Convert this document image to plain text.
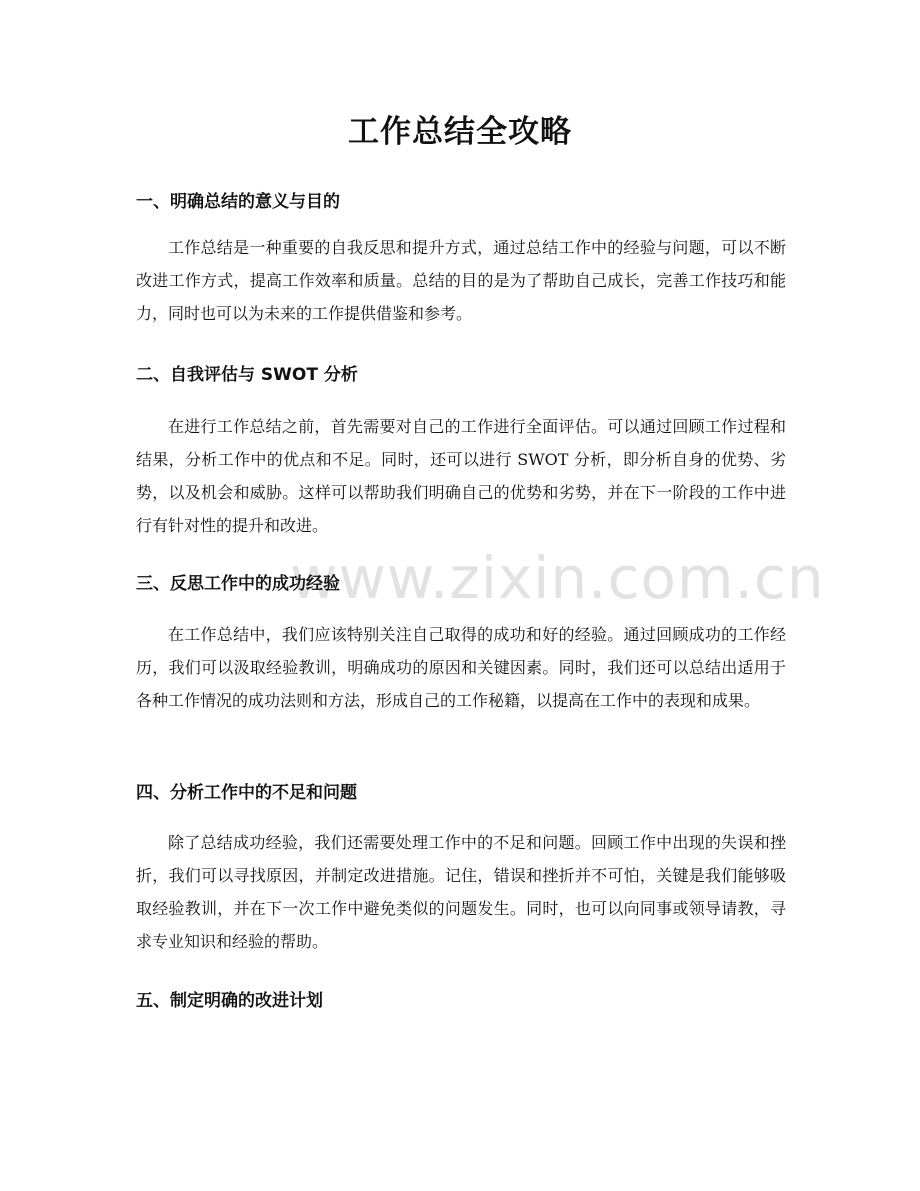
www.zixin.com.cn
工作总结全攻略
一、明确总结的意义与目的
工作总结是一种重要的自我反思和提升方式，通过总结工作中的经验与问题，可以不断改进工作方式，提高工作效率和质量。总结的目的是为了帮助自己成长，完善工作技巧和能力，同时也可以为未来的工作提供借鉴和参考。
二、自我评估与 SWOT 分析
在进行工作总结之前，首先需要对自己的工作进行全面评估。可以通过回顾工作过程和结果，分析工作中的优点和不足。同时，还可以进行 SWOT 分析，即分析自身的优势、劣势，以及机会和威胁。这样可以帮助我们明确自己的优势和劣势，并在下一阶段的工作中进行有针对性的提升和改进。
三、反思工作中的成功经验
在工作总结中，我们应该特别关注自己取得的成功和好的经验。通过回顾成功的工作经历，我们可以汲取经验教训，明确成功的原因和关键因素。同时，我们还可以总结出适用于各种工作情况的成功法则和方法，形成自己的工作秘籍，以提高在工作中的表现和成果。
四、分析工作中的不足和问题
除了总结成功经验，我们还需要处理工作中的不足和问题。回顾工作中出现的失误和挫折，我们可以寻找原因，并制定改进措施。记住，错误和挫折并不可怕，关键是我们能够吸取经验教训，并在下一次工作中避免类似的问题发生。同时，也可以向同事或领导请教，寻求专业知识和经验的帮助。
五、制定明确的改进计划
